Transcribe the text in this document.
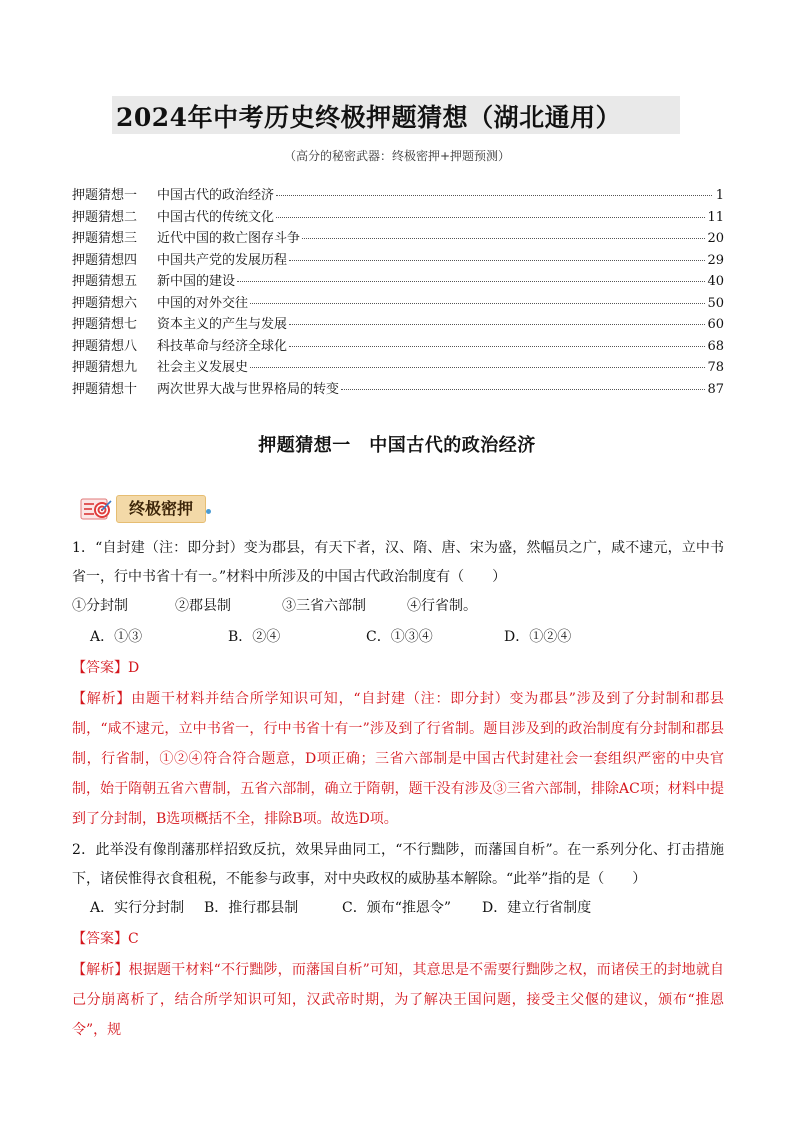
2024年中考历史终极押题猜想（湖北通用）
（高分的秘密武器：终极密押+押题预测）
押题猜想一	中国古代的政治经济	1
押题猜想二	中国古代的传统文化	11
押题猜想三	近代中国的救亡图存斗争	20
押题猜想四	中国共产党的发展历程	29
押题猜想五	新中国的建设	40
押题猜想六	中国的对外交往	50
押题猜想七	资本主义的产生与发展	60
押题猜想八	科技革命与经济全球化	68
押题猜想九	社会主义发展史	78
押题猜想十	两次世界大战与世界格局的转变	87
押题猜想一　中国古代的政治经济
终极密押
1．“自封建（注：即分封）变为郡县，有天下者，汉、隋、唐、宋为盛，然幅员之广，咸不逮元，立中书省一，行中书省十有一。”材料中所涉及的中国古代政治制度有（　　）
①分封制	②郡县制	③三省六部制	④行省制。
A．①③	B．②④	C．①③④	D．①②④
【答案】D
【解析】由题干材料并结合所学知识可知，“自封建（注：即分封）变为郡县”涉及到了分封制和郡县制，“咸不逮元，立中书省一，行中书省十有一”涉及到了行省制。题目涉及到的政治制度有分封制和郡县制，行省制，①②④符合符合题意，D项正确；三省六部制是中国古代封建社会一套组织严密的中央官制，始于隋朝五省六曹制，五省六部制，确立于隋朝，题干没有涉及③三省六部制，排除AC项；材料中提到了分封制，B选项概括不全，排除B项。故选D项。
2．此举没有像削藩那样招致反抗，效果异曲同工，“不行黜陟，而藩国自析”。在一系列分化、打击措施下，诸侯惟得衣食租税，不能参与政事，对中央政权的威胁基本解除。“此举”指的是（　　）
A．实行分封制	B．推行郡县制	C．颁布“推恩令”	D．建立行省制度
【答案】C
【解析】根据题干材料“不行黜陟，而藩国自析”可知，其意思是不需要行黜陟之权，而诸侯王的封地就自己分崩离析了，结合所学知识可知，汉武帝时期，为了解决王国问题，接受主父偃的建议，颁布“推恩令”，规
